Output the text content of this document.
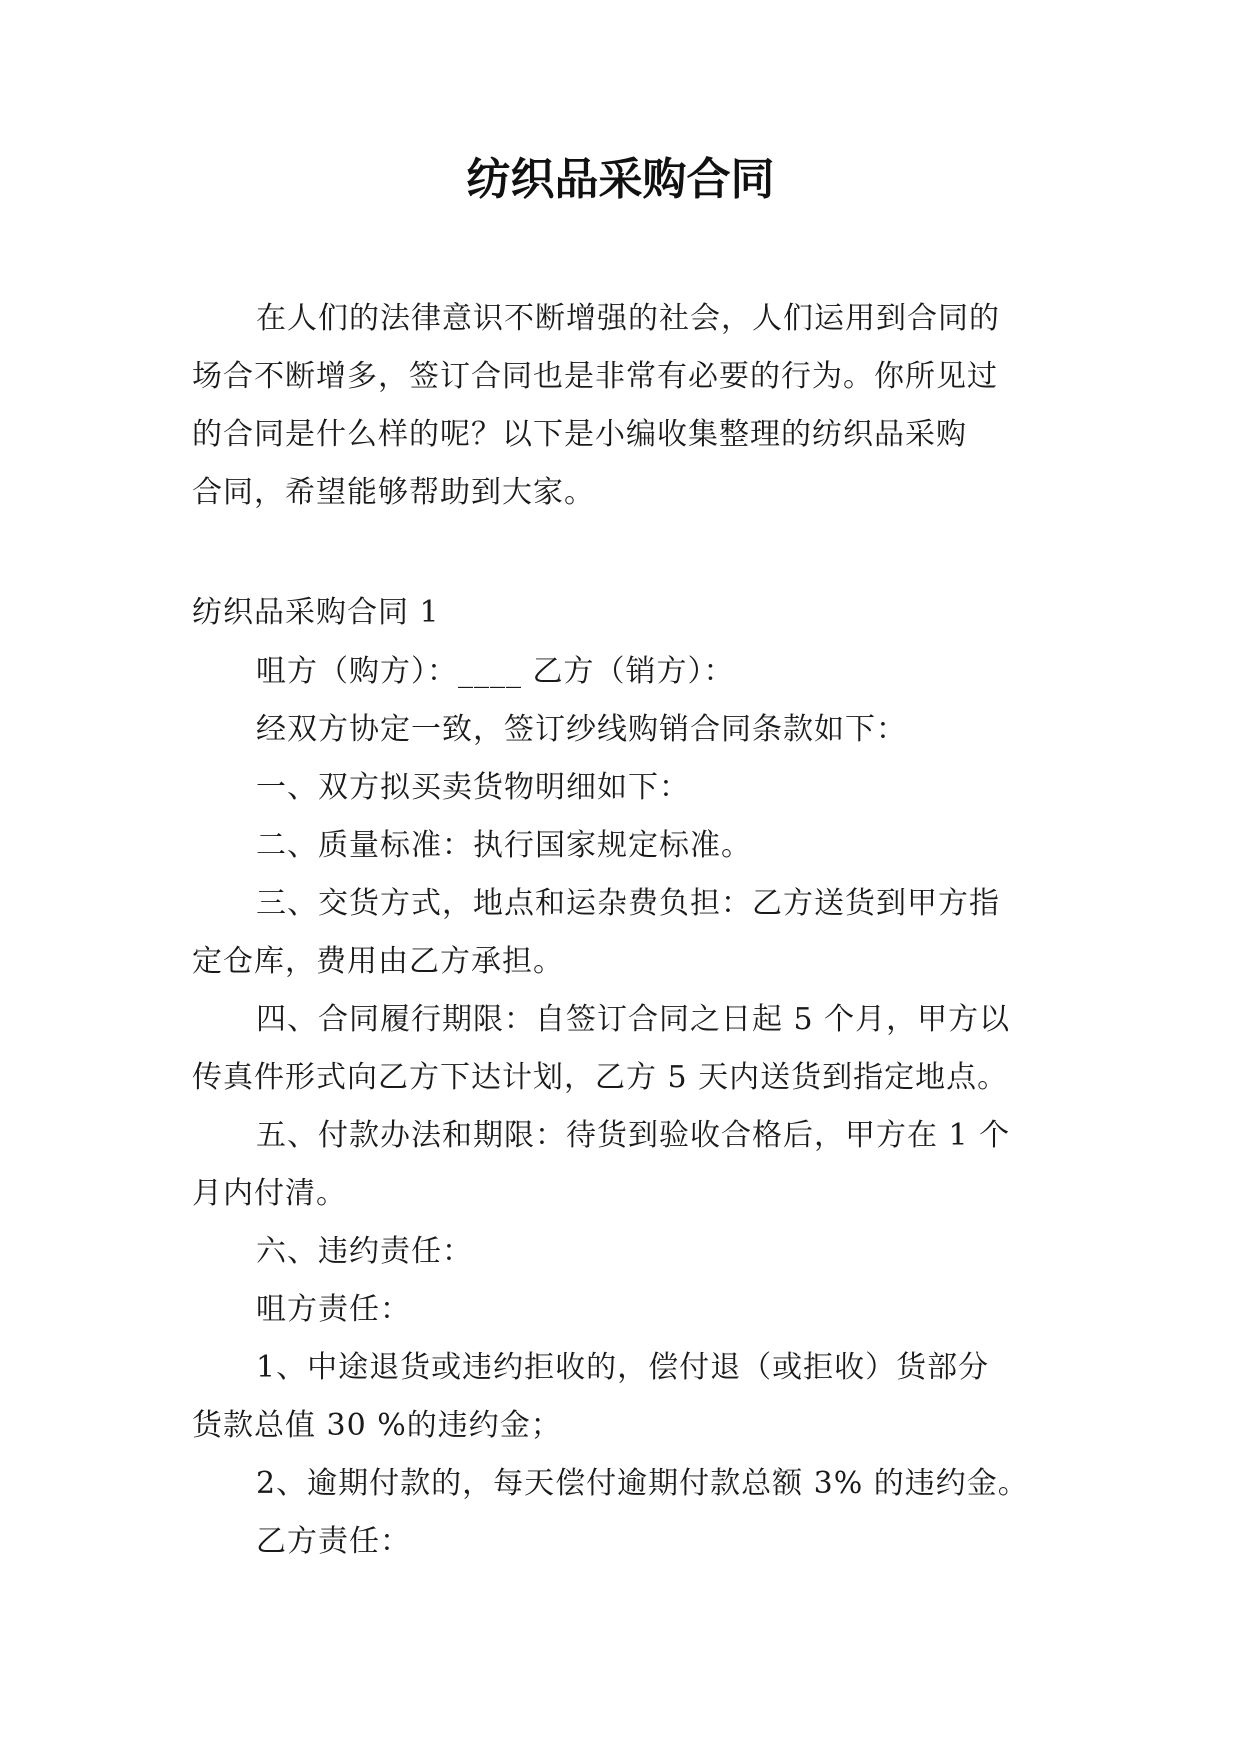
纺织品采购合同
在人们的法律意识不断增强的社会，人们运用到合同的
场合不断增多，签订合同也是非常有必要的行为。你所见过
的合同是什么样的呢？以下是小编收集整理的纺织品采购
合同，希望能够帮助到大家。
纺织品采购合同 1
咀方（购方）：____ 乙方（销方）：
经双方协定一致，签订纱线购销合同条款如下：
一、双方拟买卖货物明细如下：
二、质量标准：执行国家规定标准。
三、交货方式，地点和运杂费负担：乙方送货到甲方指
定仓库，费用由乙方承担。
四、合同履行期限：自签订合同之日起 5 个月，甲方以
传真件形式向乙方下达计划，乙方 5 天内送货到指定地点。
五、付款办法和期限：待货到验收合格后，甲方在 1 个
月内付清。
六、违约责任：
咀方责任：
1、中途退货或违约拒收的，偿付退（或拒收）货部分
货款总值 30 %的违约金；
2、逾期付款的，每天偿付逾期付款总额 3% 的违约金。
乙方责任：
